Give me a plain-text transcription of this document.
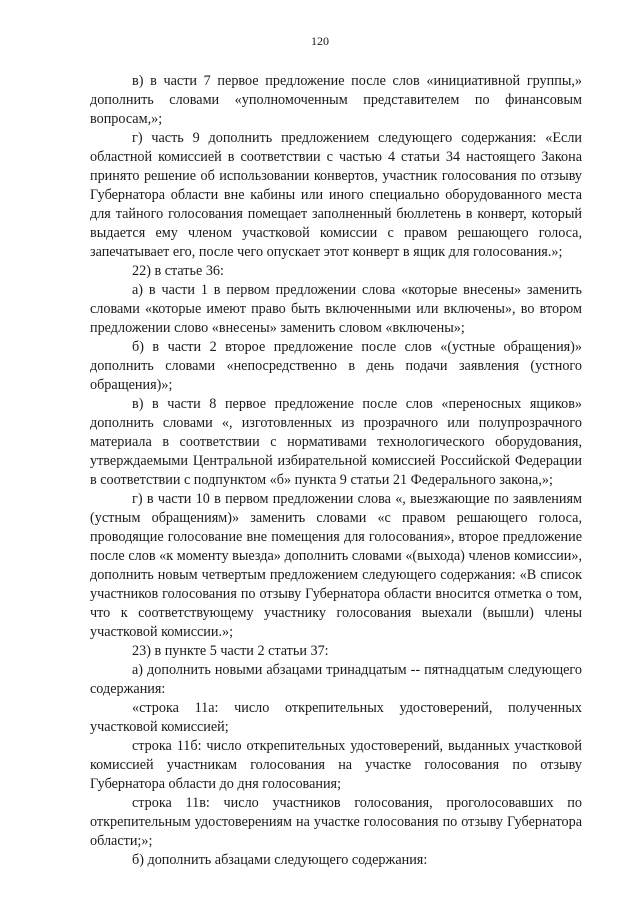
120

в) в части 7 первое предложение после слов «инициативной группы,» дополнить словами «уполномоченным представителем по финансовым вопросам,»;

г) часть 9 дополнить предложением следующего содержания: «Если областной комиссией в соответствии с частью 4 статьи 34 настоящего Закона принято решение об использовании конвертов, участник голосования по отзыву Губернатора области вне кабины или иного специально оборудованного места для тайного голосования помещает заполненный бюллетень в конверт, который выдается ему членом участковой комиссии с правом решающего голоса, запечатывает его, после чего опускает этот конверт в ящик для голосования.»;

22) в статье 36:

а) в части 1 в первом предложении слова «которые внесены» заменить словами «которые имеют право быть включенными или включены», во втором предложении слово «внесены» заменить словом «включены»;

б) в части 2 второе предложение после слов «(устные обращения)» дополнить словами «непосредственно в день подачи заявления (устного обращения)»;

в) в части 8 первое предложение после слов «переносных ящиков» дополнить словами «, изготовленных из прозрачного или полупрозрачного материала в соответствии с нормативами технологического оборудования, утверждаемыми Центральной избирательной комиссией Российской Федерации в соответствии с подпунктом «б» пункта 9 статьи 21 Федерального закона,»;

г) в части 10 в первом предложении слова «, выезжающие по заявлениям (устным обращениям)» заменить словами «с правом решающего голоса, проводящие голосование вне помещения для голосования», второе предложение после слов «к моменту выезда» дополнить словами «(выхода) членов комиссии», дополнить новым четвертым предложением следующего содержания: «В список участников голосования по отзыву Губернатора области вносится отметка о том, что к соответствующему участнику голосования выехали (вышли) члены участковой комиссии.»;

23) в пункте 5 части 2 статьи 37:

а) дополнить новыми абзацами тринадцатым -- пятнадцатым следующего содержания:

«строка 11а: число открепительных удостоверений, полученных участковой комиссией;

строка 11б: число открепительных удостоверений, выданных участковой комиссией участникам голосования на участке голосования по отзыву Губернатора области до дня голосования;

строка 11в: число участников голосования, проголосовавших по открепительным удостоверениям на участке голосования по отзыву Губернатора области;»;

б) дополнить абзацами следующего содержания:
